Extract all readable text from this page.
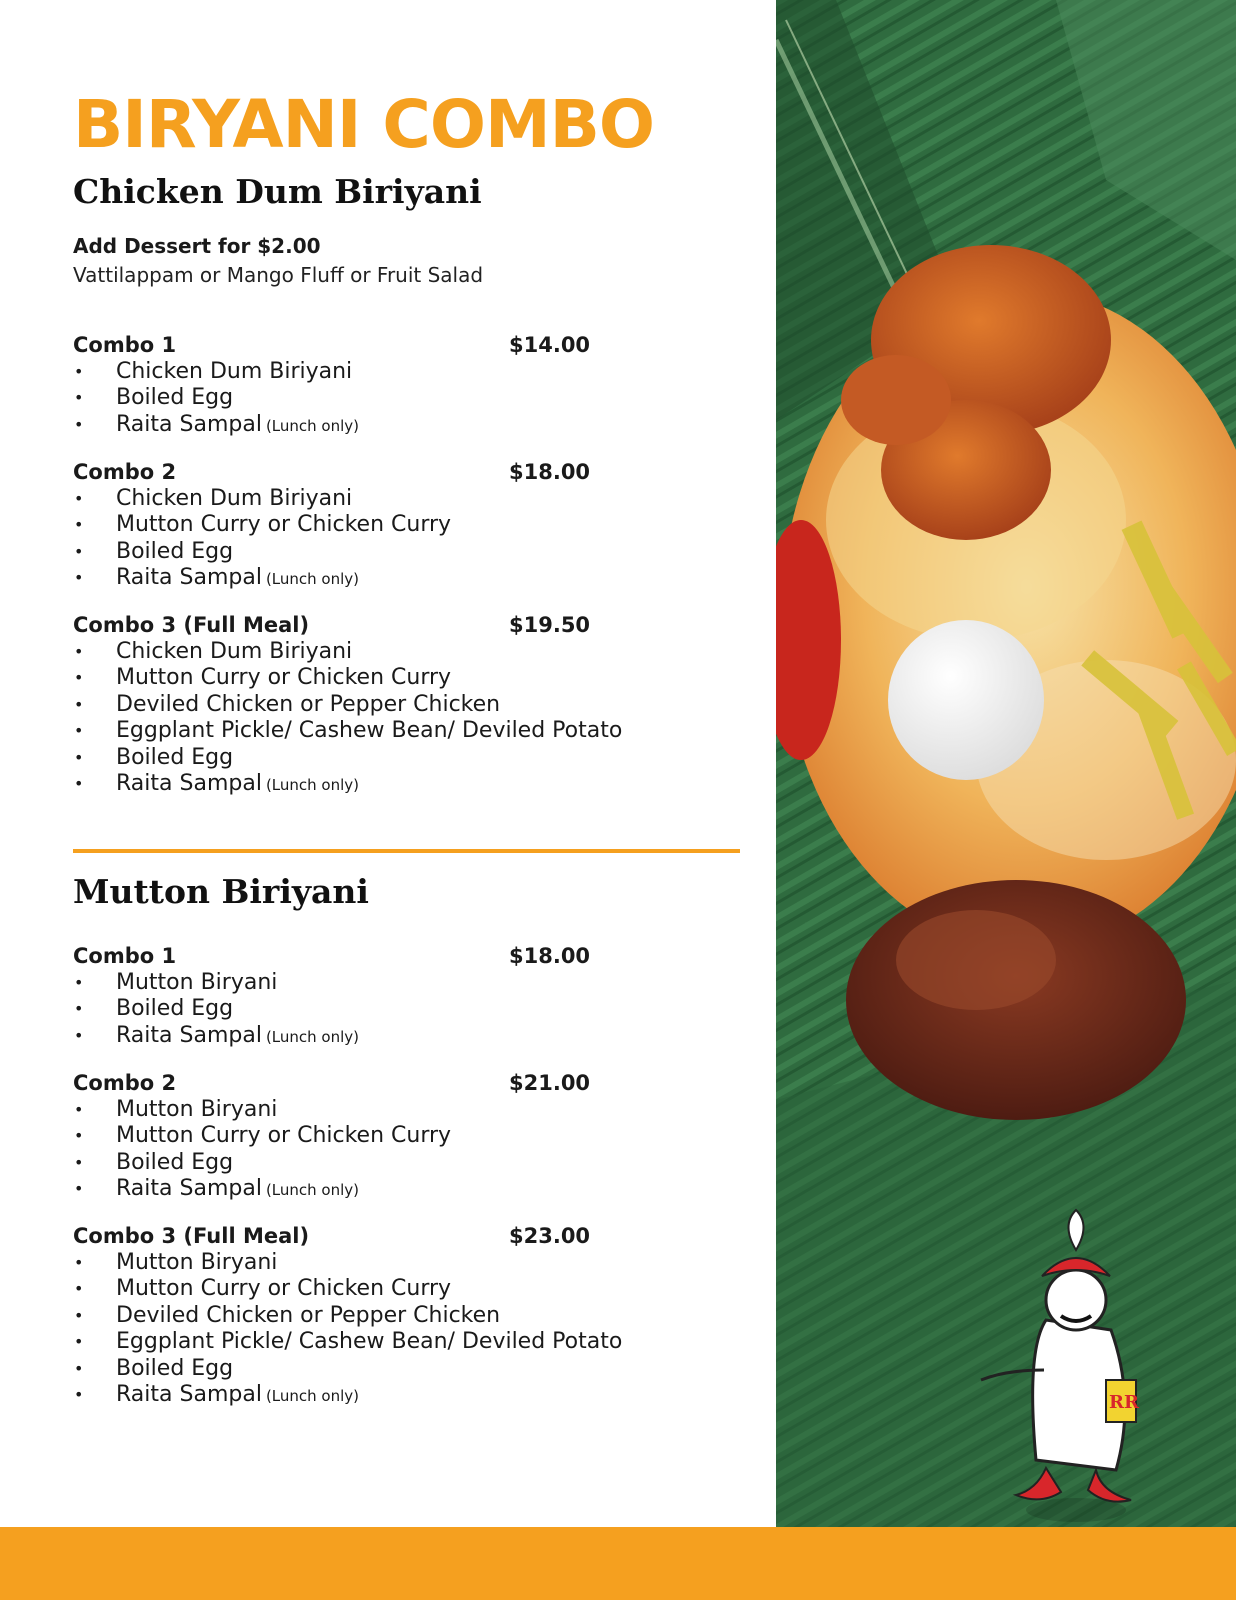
BIRYANI COMBO
Chicken Dum Biriyani
Add Dessert for $2.00
Vattilappam or Mango Fluff or Fruit Salad
Combo 1	$14.00
• Chicken Dum Biriyani
• Boiled Egg
• Raita Sampal (Lunch only)
Combo 2	$18.00
• Chicken Dum Biriyani
• Mutton Curry or Chicken Curry
• Boiled Egg
• Raita Sampal (Lunch only)
Combo 3 (Full Meal)	$19.50
• Chicken Dum Biriyani
• Mutton Curry or Chicken Curry
• Deviled Chicken or Pepper Chicken
• Eggplant Pickle/ Cashew Bean/ Deviled Potato
• Boiled Egg
• Raita Sampal (Lunch only)
Mutton Biriyani
Combo 1	$18.00
• Mutton Biryani
• Boiled Egg
• Raita Sampal (Lunch only)
Combo 2	$21.00
• Mutton Biryani
• Mutton Curry or Chicken Curry
• Boiled Egg
• Raita Sampal (Lunch only)
Combo 3 (Full Meal)	$23.00
• Mutton Biryani
• Mutton Curry or Chicken Curry
• Deviled Chicken or Pepper Chicken
• Eggplant Pickle/ Cashew Bean/ Deviled Potato
• Boiled Egg
• Raita Sampal (Lunch only)	RR
